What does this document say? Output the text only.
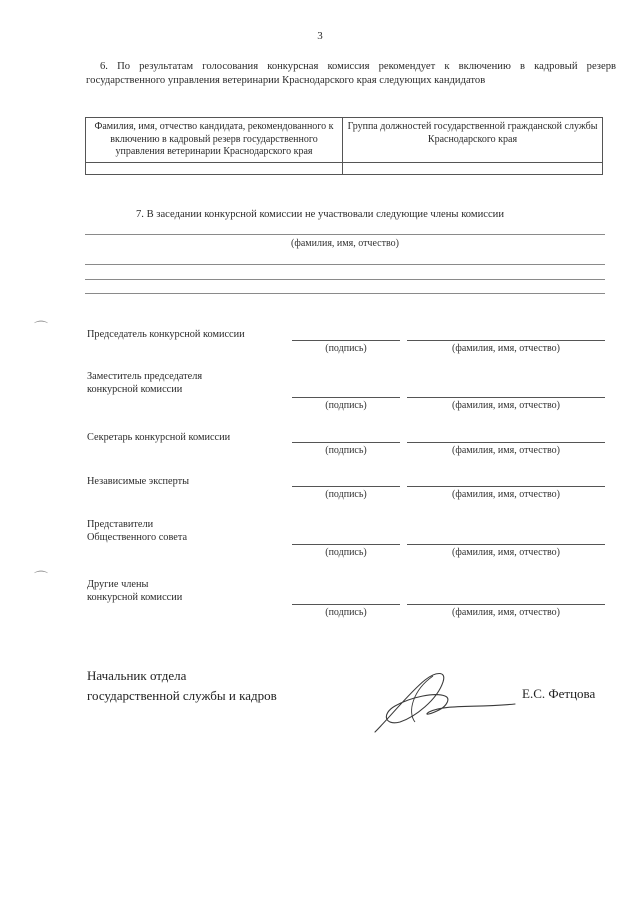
3
6. По результатам голосования конкурсная комиссия рекомендует к включению в кадровый резерв государственного управления ветеринарии Краснодарского края следующих кандидатов
Фамилия, имя, отчество кандидата, рекомендованного к включению в кадровый резерв государственного управления ветеринарии Краснодарского края	Группа должностей государственной гражданской службы Краснодарского края

7. В заседании конкурсной комиссии не участвовали следующие члены комиссии
(фамилия, имя, отчество)
Председатель конкурсной комиссии
(подпись)	(фамилия, имя, отчество)
Заместитель председателя
конкурсной комиссии
(подпись)	(фамилия, имя, отчество)
Секретарь конкурсной комиссии
(подпись)	(фамилия, имя, отчество)
Независимые эксперты
(подпись)	(фамилия, имя, отчество)
Представители
Общественного совета
(подпись)	(фамилия, имя, отчество)
Другие члены
конкурсной комиссии
(подпись)	(фамилия, имя, отчество)
⌒
⌒
Начальник отдела
государственной службы и кадров	Е.С. Фетцова
